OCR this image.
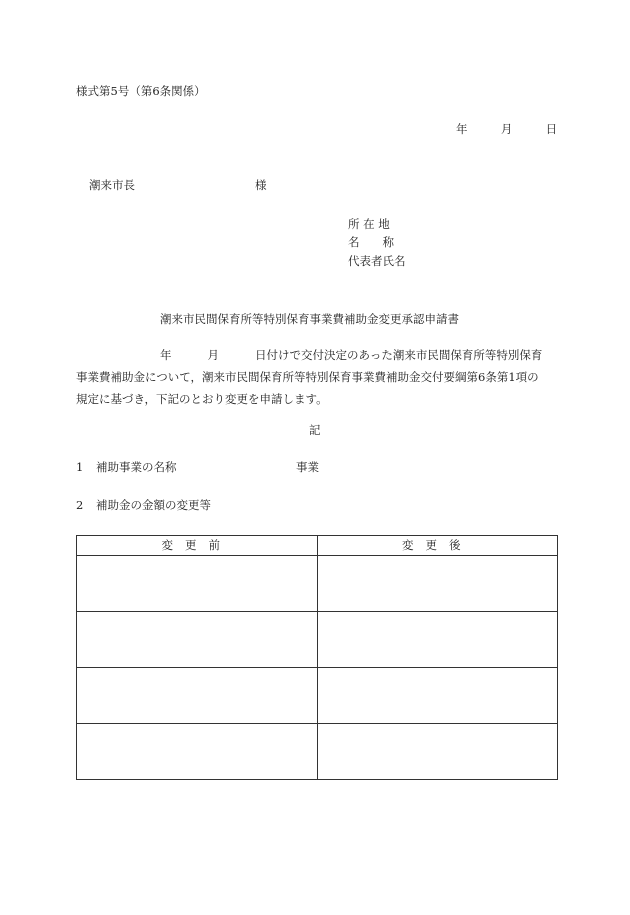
様式第5号（第6条関係）
年	月	日
潮来市長	様
所 在 地
名　　称
代表者氏名
潮来市民間保育所等特別保育事業費補助金変更承認申請書
年	月	日付けで交付決定のあった潮来市民間保育所等特別保育
事業費補助金について，潮来市民間保育所等特別保育事業費補助金交付要綱第6条第1項の
規定に基づき，下記のとおり変更を申請します。
記
1 補助事業の名称	事業
2 補助金の金額の変更等
変更前	変更後
